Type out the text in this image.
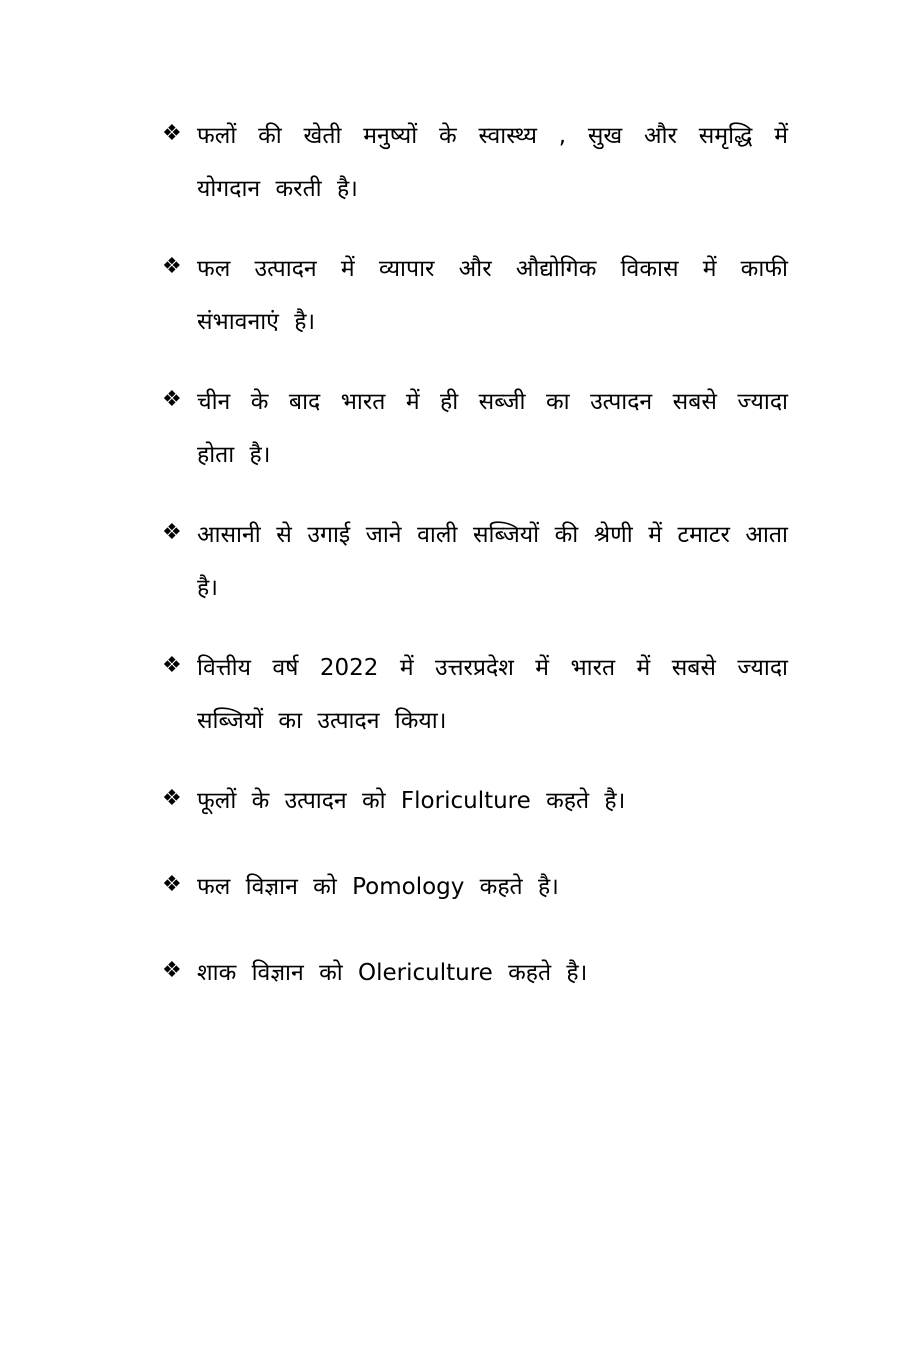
❖ फलों की खेती मनुष्यों के स्वास्थ्य , सुख और समृद्धि में योगदान करती है।
❖ फल उत्पादन में व्यापार और औद्योगिक विकास में काफी संभावनाएं है।
❖ चीन के बाद भारत में ही सब्जी का उत्पादन सबसे ज्यादा होता है।
❖ आसानी से उगाई जाने वाली सब्जियों की श्रेणी में टमाटर आता है।
❖ वित्तीय वर्ष 2022 में उत्तरप्रदेश में भारत में सबसे ज्यादा सब्जियों का उत्पादन किया।
❖ फूलों के उत्पादन को Floriculture कहते है।
❖ फल विज्ञान को Pomology कहते है।
❖ शाक विज्ञान को Olericulture कहते है।
